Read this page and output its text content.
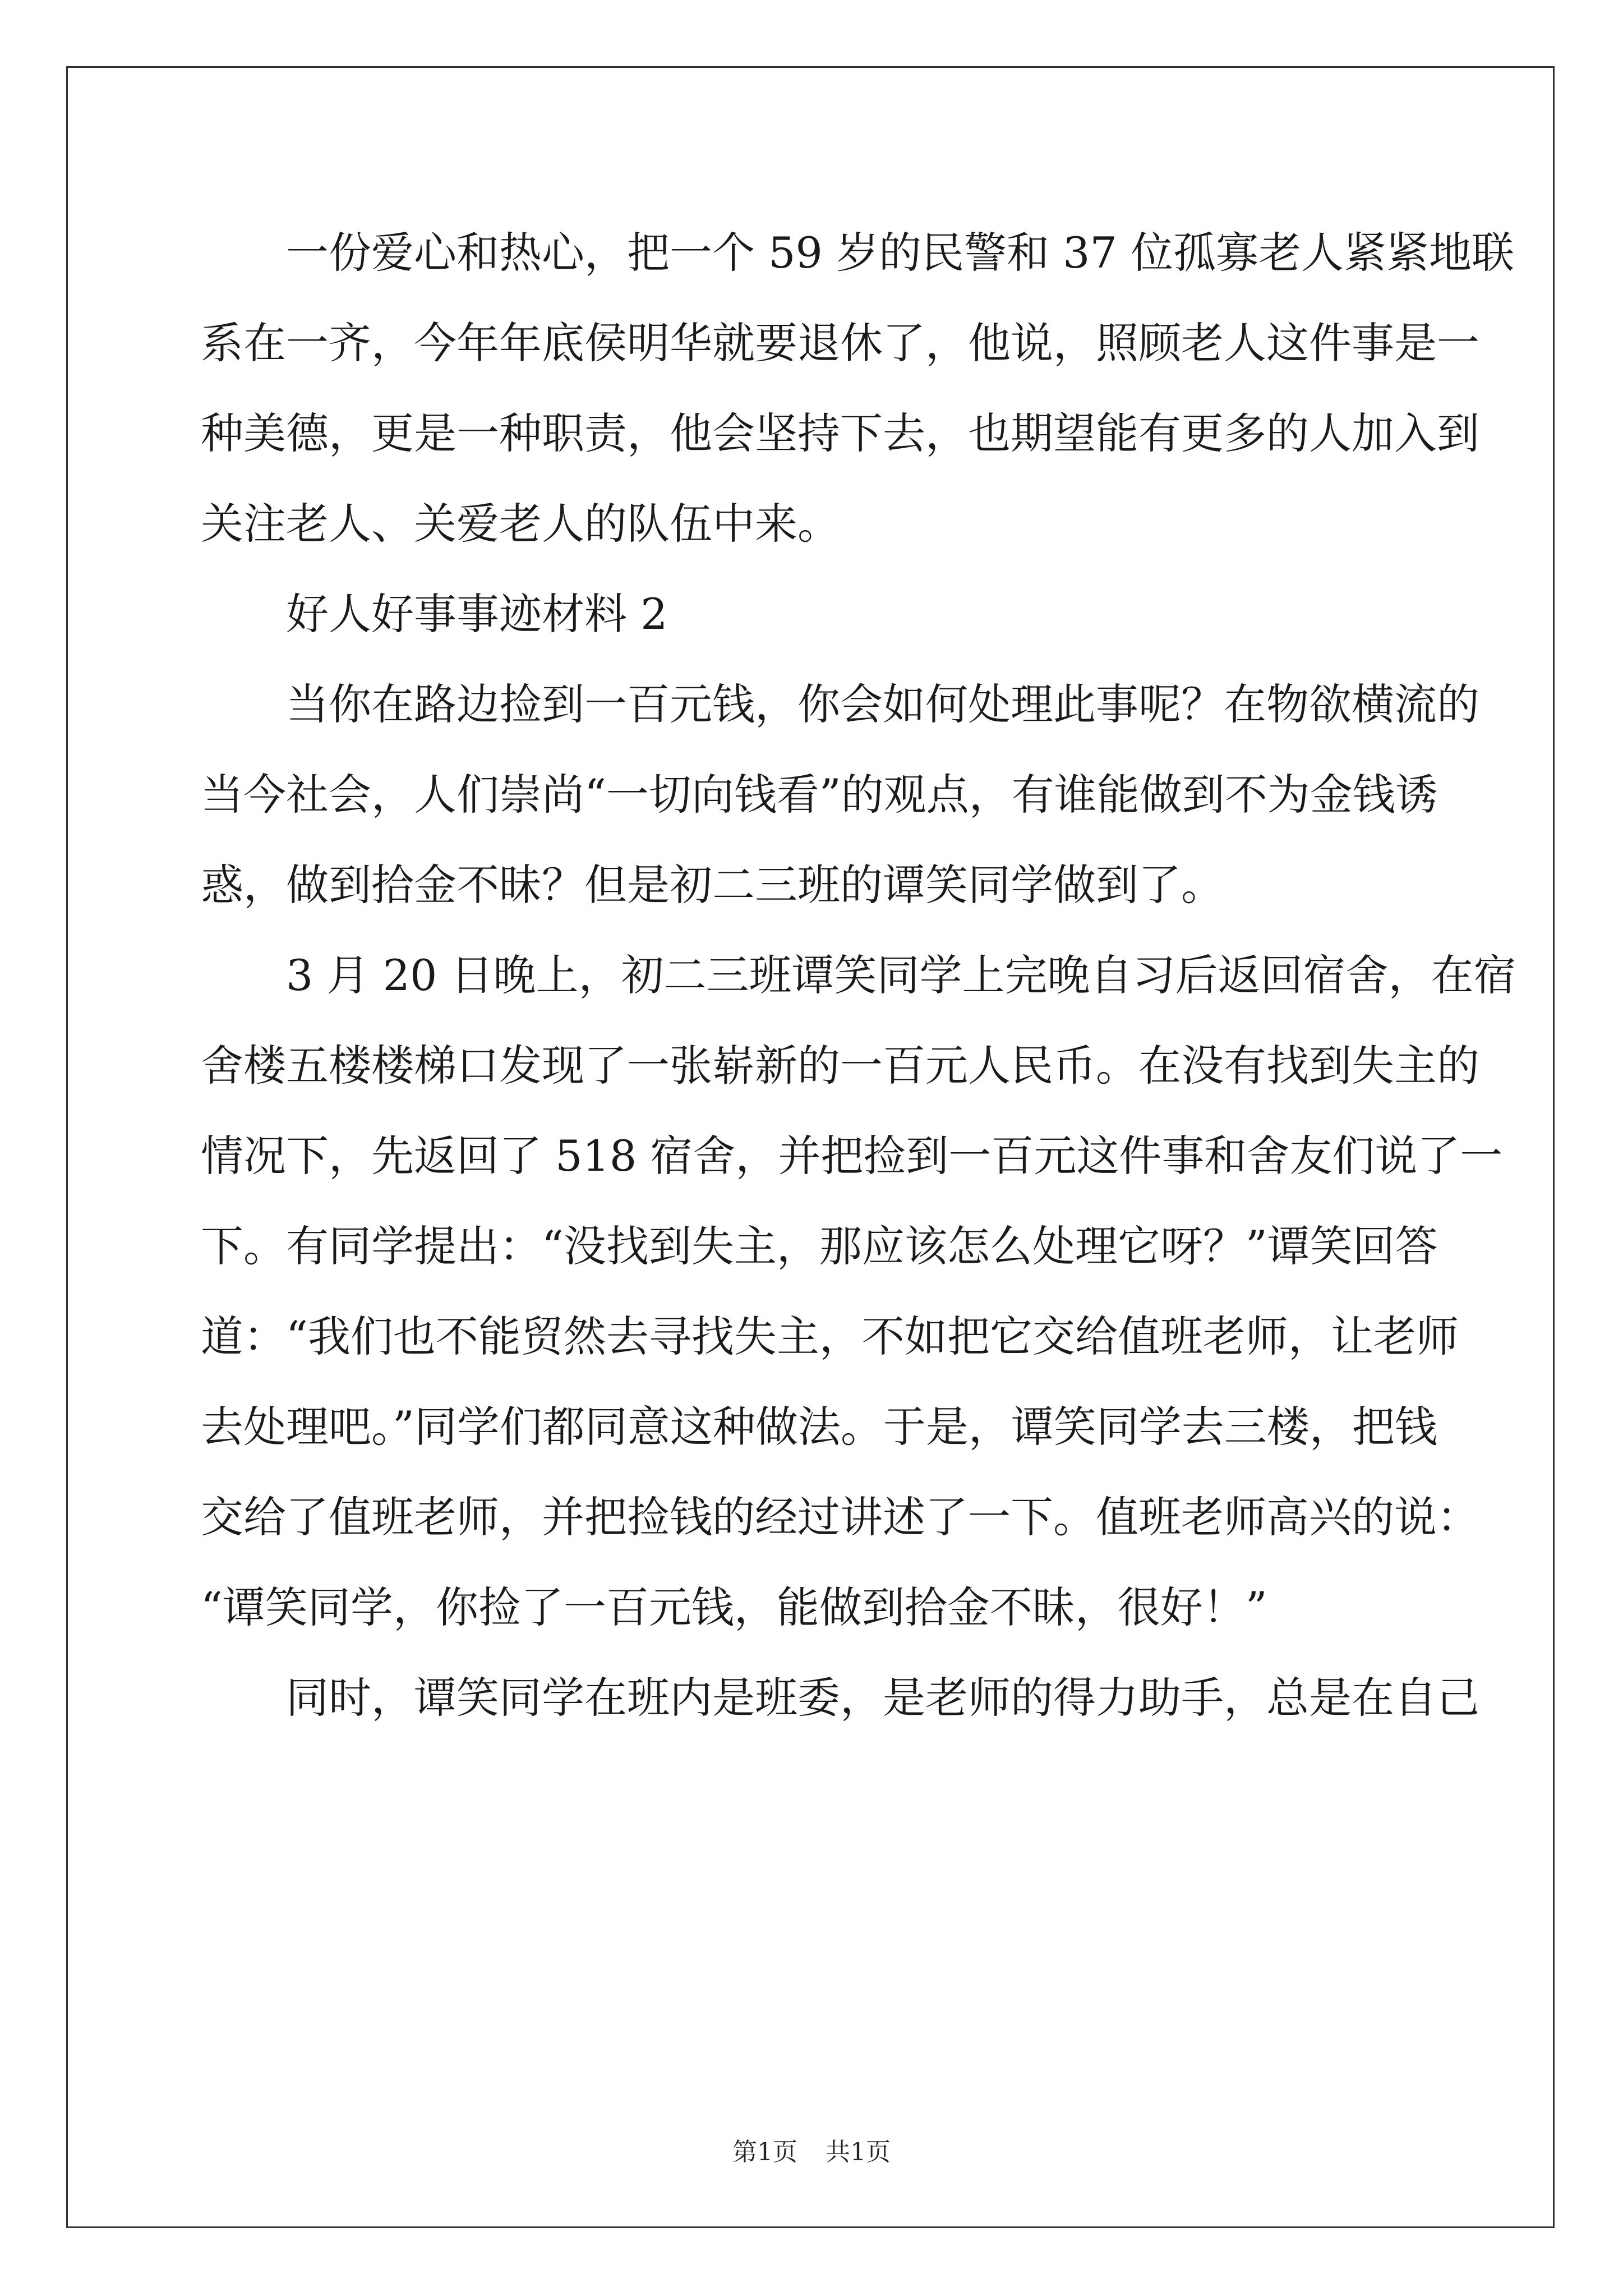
一份爱心和热心，把一个 59 岁的民警和 37 位孤寡老人紧紧地联
系在一齐，今年年底侯明华就要退休了，他说，照顾老人这件事是一
种美德，更是一种职责，他会坚持下去，也期望能有更多的人加入到
关注老人、关爱老人的队伍中来。
好人好事事迹材料 2
当你在路边捡到一百元钱，你会如何处理此事呢？在物欲横流的
当今社会，人们崇尚“一切向钱看”的观点，有谁能做到不为金钱诱
惑，做到拾金不昧？但是初二三班的谭笑同学做到了。
3 月 20 日晚上，初二三班谭笑同学上完晚自习后返回宿舍，在宿
舍楼五楼楼梯口发现了一张崭新的一百元人民币。在没有找到失主的
情况下，先返回了 518 宿舍，并把捡到一百元这件事和舍友们说了一
下。有同学提出：“没找到失主，那应该怎么处理它呀？”谭笑回答
道：“我们也不能贸然去寻找失主，不如把它交给值班老师，让老师
去处理吧。”同学们都同意这种做法。于是，谭笑同学去三楼，把钱
交给了值班老师，并把捡钱的经过讲述了一下。值班老师高兴的说：
“谭笑同学，你捡了一百元钱，能做到拾金不昧，很好！”
同时，谭笑同学在班内是班委，是老师的得力助手，总是在自己
第1页 共1页
